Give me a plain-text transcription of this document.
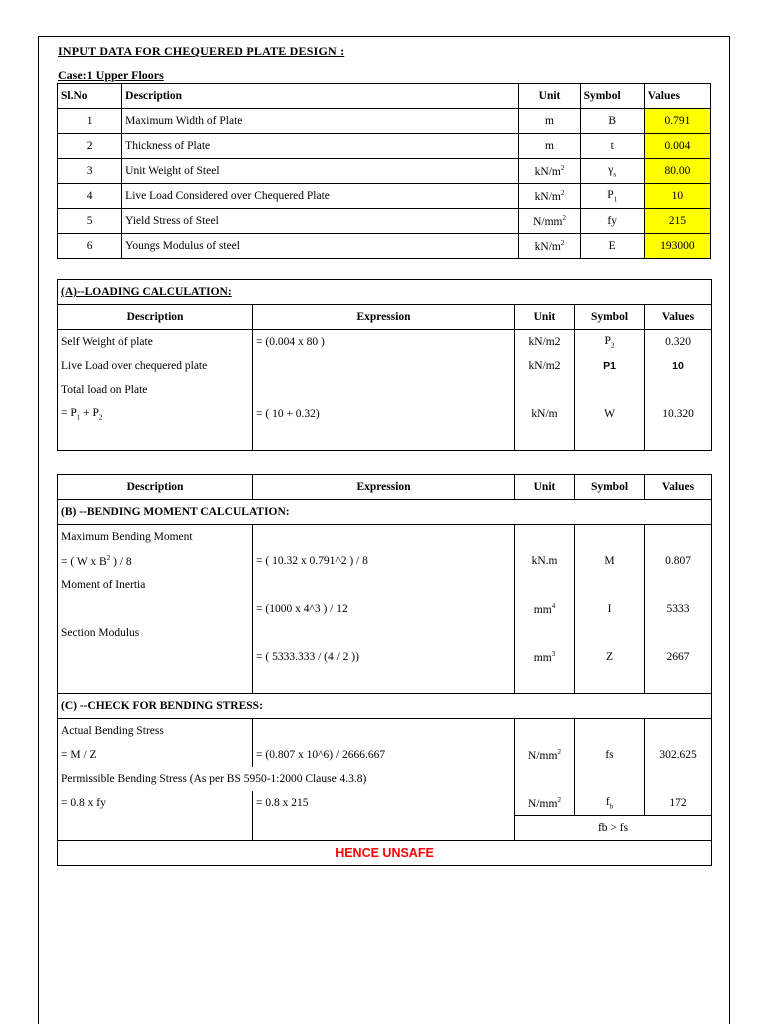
INPUT DATA FOR CHEQUERED PLATE DESIGN :
Case:1 Upper Floors
Sl.No	Description	Unit	Symbol	Values
1	Maximum Width of Plate	m	B	0.791
2	Thickness of Plate	m	t	0.004
3	Unit Weight of Steel	$kN/m^2$	$\gamma_s$	80.00
4	Live Load Considered over Chequered Plate	$kN/m^2$	$P_1$	10
5	Yield Stress of Steel	$N/mm^2$	fy	215
6	Youngs Modulus of steel	$kN/m^2$	E	193000
(A)--LOADING CALCULATION:				
Description	Expression	Unit	Symbol	Values
Self Weight of plate	= (0.004 x 80 )	kN/m2	$P_2$	0.320
Live Load over chequered plate		kN/m2	P1	10
Total load on Plate				
= $P_1 + P_2$	= ( 10 + 0.32)	kN/m	W	10.320

Description	Expression	Unit	Symbol	Values
(B) --BENDING MOMENT CALCULATION:				
Maximum Bending Moment				
= ( W x $B^2$ ) / 8	= ( 10.32 x 0.791^2 ) / 8	kN.m	M	0.807
Moment of Inertia				
	= (1000 x 4^3 ) / 12	$mm^4$	I	5333
Section Modulus				
	= ( 5333.333 / (4 / 2 ))	$mm^3$	Z	2667

(C) --CHECK FOR BENDING STRESS:				
Actual Bending Stress				
= M / Z	= (0.807 x 10^6) / 2666.667	$N/mm^2$	fs	302.625
Permissible Bending Stress (As per BS 5950-1:2000 Clause 4.3.8)				
= 0.8 x fy	= 0.8 x 215	$N/mm^2$	$f_b$	172
		fb > fs		
HENCE UNSAFE				
